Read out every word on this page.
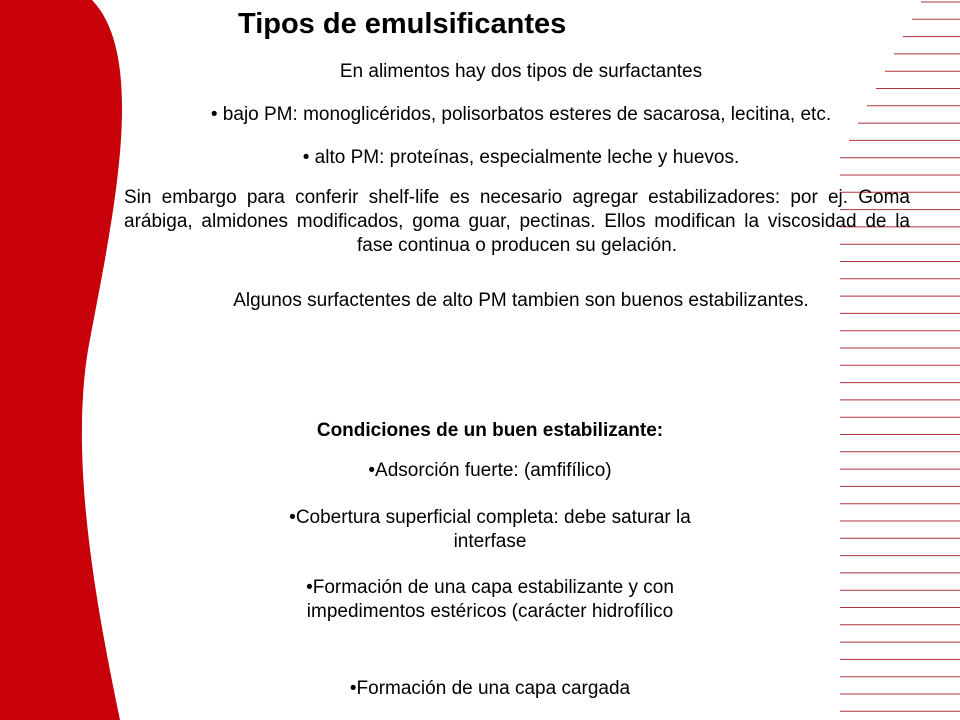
Tipos de emulsificantes

En alimentos hay dos tipos de surfactantes

• bajo PM: monoglicéridos, polisorbatos esteres de sacarosa, lecitina, etc.

• alto PM: proteínas, especialmente leche y huevos.

Sin embargo para conferir shelf-life es necesario agregar estabilizadores: por ej. Goma arábiga, almidones modificados, goma guar, pectinas. Ellos modifican la viscosidad de la fase continua o producen su gelación.

Algunos surfactentes de alto PM tambien son buenos estabilizantes.

Condiciones de un buen estabilizante:

•Adsorción fuerte: (amfifílico)

•Cobertura superficial completa: debe saturar la interfase

•Formación de una capa estabilizante y con impedimentos estéricos (carácter hidrofílico

•Formación de una capa cargada
